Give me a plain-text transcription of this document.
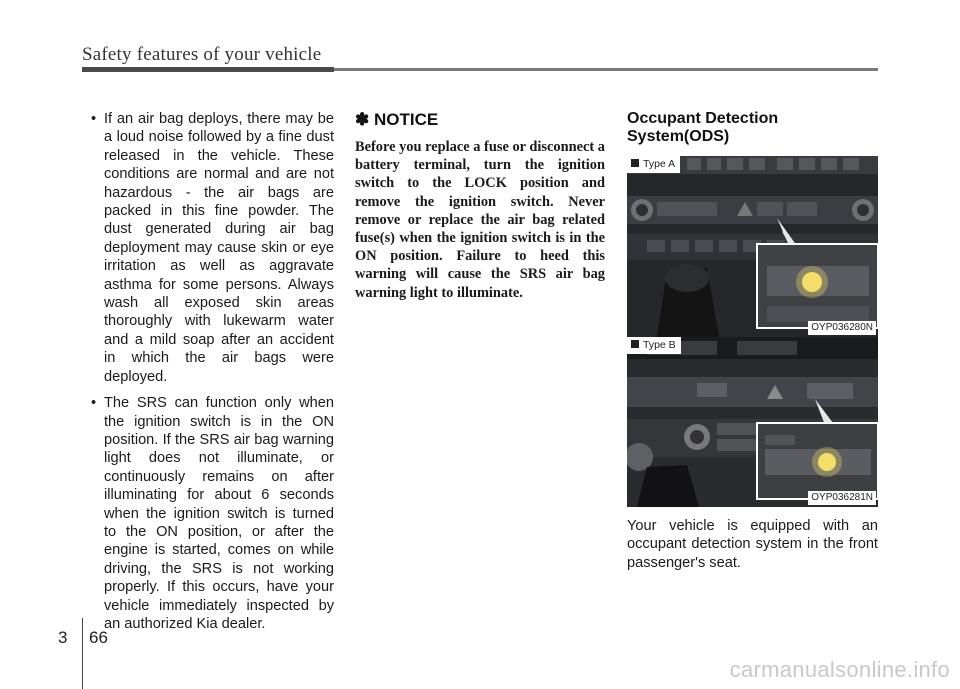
Safety features of your vehicle

• If an air bag deploys, there may be a loud noise followed by a fine dust released in the vehicle. These conditions are normal and are not hazardous - the air bags are packed in this fine powder. The dust generated during air bag deployment may cause skin or eye irritation as well as aggravate asthma for some persons. Always wash all exposed skin areas thoroughly with lukewarm water and a mild soap after an accident in which the air bags were deployed.

• The SRS can function only when the ignition switch is in the ON position. If the SRS air bag warning light does not illuminate, or continuously remains on after illuminating for about 6 seconds when the ignition switch is turned to the ON position, or after the engine is started, comes on while driving, the SRS is not working properly. If this occurs, have your vehicle immediately inspected by an authorized Kia dealer.

✽ NOTICE
Before you replace a fuse or disconnect a battery terminal, turn the ignition switch to the LOCK position and remove the ignition switch. Never remove or replace the air bag related fuse(s) when the ignition switch is in the ON position. Failure to heed this warning will cause the SRS air bag warning light to illuminate.
Occupant Detection System(ODS)
Type A
OYP036280N
Type B
OYP036281N
Your vehicle is equipped with an occupant detection system in the front passenger's seat.
3 66
carmanualsonline.info
